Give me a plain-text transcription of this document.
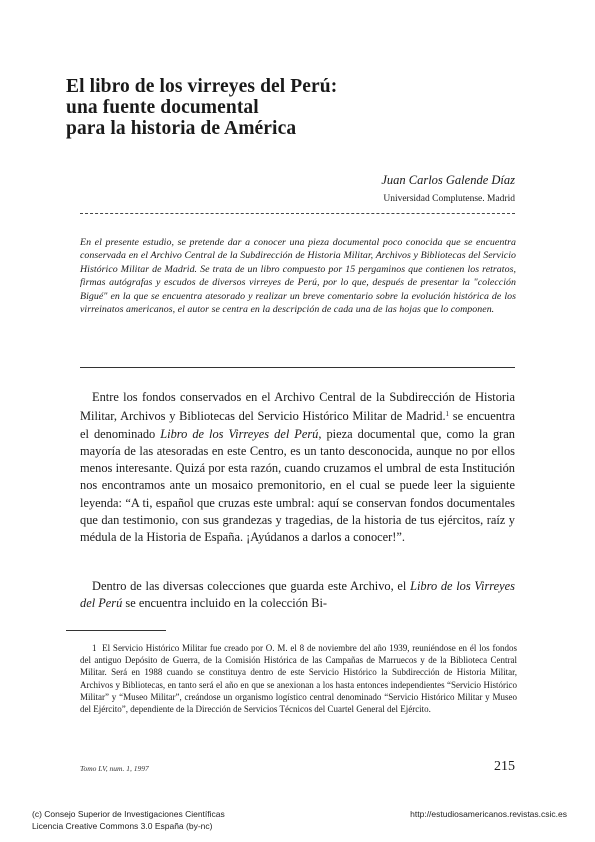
El libro de los virreyes del Perú:
una fuente documental
para la historia de América
Juan Carlos Galende Díaz
Universidad Complutense. Madrid

En el presente estudio, se pretende dar a conocer una pieza documental poco conocida que se encuentra conservada en el Archivo Central de la Subdirección de Historia Militar, Archivos y Bibliotecas del Servicio Histórico Militar de Madrid. Se trata de un libro compuesto por 15 pergaminos que contienen los retratos, firmas autógrafas y escudos de diversos virreyes de Perú, por lo que, después de presentar la "colección Bigué" en la que se encuentra atesorado y realizar un breve comentario sobre la evolución histórica de los virreinatos americanos, el autor se centra en la descripción de cada una de las hojas que lo componen.

Entre los fondos conservados en el Archivo Central de la Subdirección de Historia Militar, Archivos y Bibliotecas del Servicio Histórico Militar de Madrid.$^1$ se encuentra el denominado Libro de los Virreyes del Perú, pieza documental que, como la gran mayoría de las atesoradas en este Centro, es un tanto desconocida, aunque no por ellos menos interesante. Quizá por esta razón, cuando cruzamos el umbral de esta Institución nos encontramos ante un mosaico premonitorio, en el cual se puede leer la siguiente leyenda: “A ti, español que cruzas este umbral: aquí se conservan fondos documentales que dan testimonio, con sus grandezas y tragedias, de la historia de tus ejércitos, raíz y médula de la Historia de España. ¡Ayúdanos a darlos a conocer!”.

Dentro de las diversas colecciones que guarda este Archivo, el Libro de los Virreyes del Perú se encuentra incluido en la colección Bi-

1 El Servicio Histórico Militar fue creado por O. M. el 8 de noviembre del año 1939, reuniéndose en él los fondos del antiguo Depósito de Guerra, de la Comisión Histórica de las Campañas de Marruecos y de la Biblioteca Central Militar. Será en 1988 cuando se constituya dentro de este Servicio Histórico la Subdirección de Historia Militar, Archivos y Bibliotecas, en tanto será el año en que se anexionan a los hasta entonces independientes “Servicio Histórico Militar” y “Museo Militar”, creándose un organismo logístico central denominado “Servicio Histórico Militar y Museo del Ejército”, dependiente de la Dirección de Servicios Técnicos del Cuartel General del Ejército.

Tomo LV, num. 1, 1997	215
(c) Consejo Superior de Investigaciones Científicas
Licencia Creative Commons 3.0 España (by-nc)
http://estudiosamericanos.revistas.csic.es
